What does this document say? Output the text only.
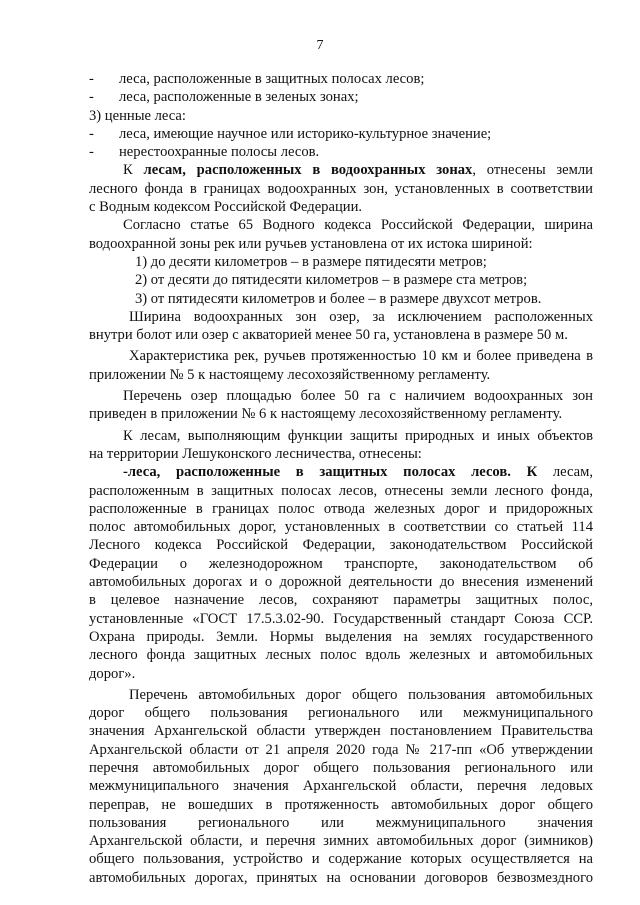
7
- леса, расположенные в защитных полосах лесов;
- леса, расположенные в зеленых зонах;
3) ценные леса:
- леса, имеющие научное или историко-культурное значение;
- нерестоохранные полосы лесов.
К лесам, расположенных в водоохранных зонах, отнесены земли
лесного фонда в границах водоохранных зон, установленных в соответствии
с Водным кодексом Российской Федерации.
Согласно статье 65 Водного кодекса Российской Федерации, ширина
водоохранной зоны рек или ручьев установлена от их истока шириной:
1) до десяти километров – в размере пятидесяти метров;
2) от десяти до пятидесяти километров – в размере ста метров;
3) от пятидесяти километров и более – в размере двухсот метров.
Ширина водоохранных зон озер, за исключением расположенных
внутри болот или озер с акваторией менее 50 га, установлена в размере 50 м.
Характеристика рек, ручьев протяженностью 10 км и более приведена в
приложении № 5 к настоящему лесохозяйственному регламенту.
Перечень озер площадью более 50 га с наличием водоохранных зон
приведен в приложении № 6 к настоящему лесохозяйственному регламенту.
К лесам, выполняющим функции защиты природных и иных объектов
на территории Лешуконского лесничества, отнесены:
-леса, расположенные в защитных полосах лесов. К лесам,
расположенным в защитных полосах лесов, отнесены земли лесного фонда,
расположенные в границах полос отвода железных дорог и придорожных
полос автомобильных дорог, установленных в соответствии со статьей 114
Лесного кодекса Российской Федерации, законодательством Российской
Федерации о железнодорожном транспорте, законодательством об
автомобильных дорогах и о дорожной деятельности до внесения изменений
в целевое назначение лесов, сохраняют параметры защитных полос,
установленные «ГОСТ 17.5.3.02-90. Государственный стандарт Союза ССР.
Охрана природы. Земли. Нормы выделения на землях государственного
лесного фонда защитных лесных полос вдоль железных и автомобильных
дорог».
Перечень автомобильных дорог общего пользования автомобильных
дорог общего пользования регионального или межмуниципального
значения Архангельской области утвержден постановлением Правительства
Архангельской области от 21 апреля 2020 года № 217-пп «Об утверждении
перечня автомобильных дорог общего пользования регионального или
межмуниципального значения Архангельской области, перечня ледовых
переправ, не вошедших в протяженность автомобильных дорог общего
пользования регионального или межмуниципального значения
Архангельской области, и перечня зимних автомобильных дорог (зимников)
общего пользования, устройство и содержание которых осуществляется на
автомобильных дорогах, принятых на основании договоров безвозмездного
